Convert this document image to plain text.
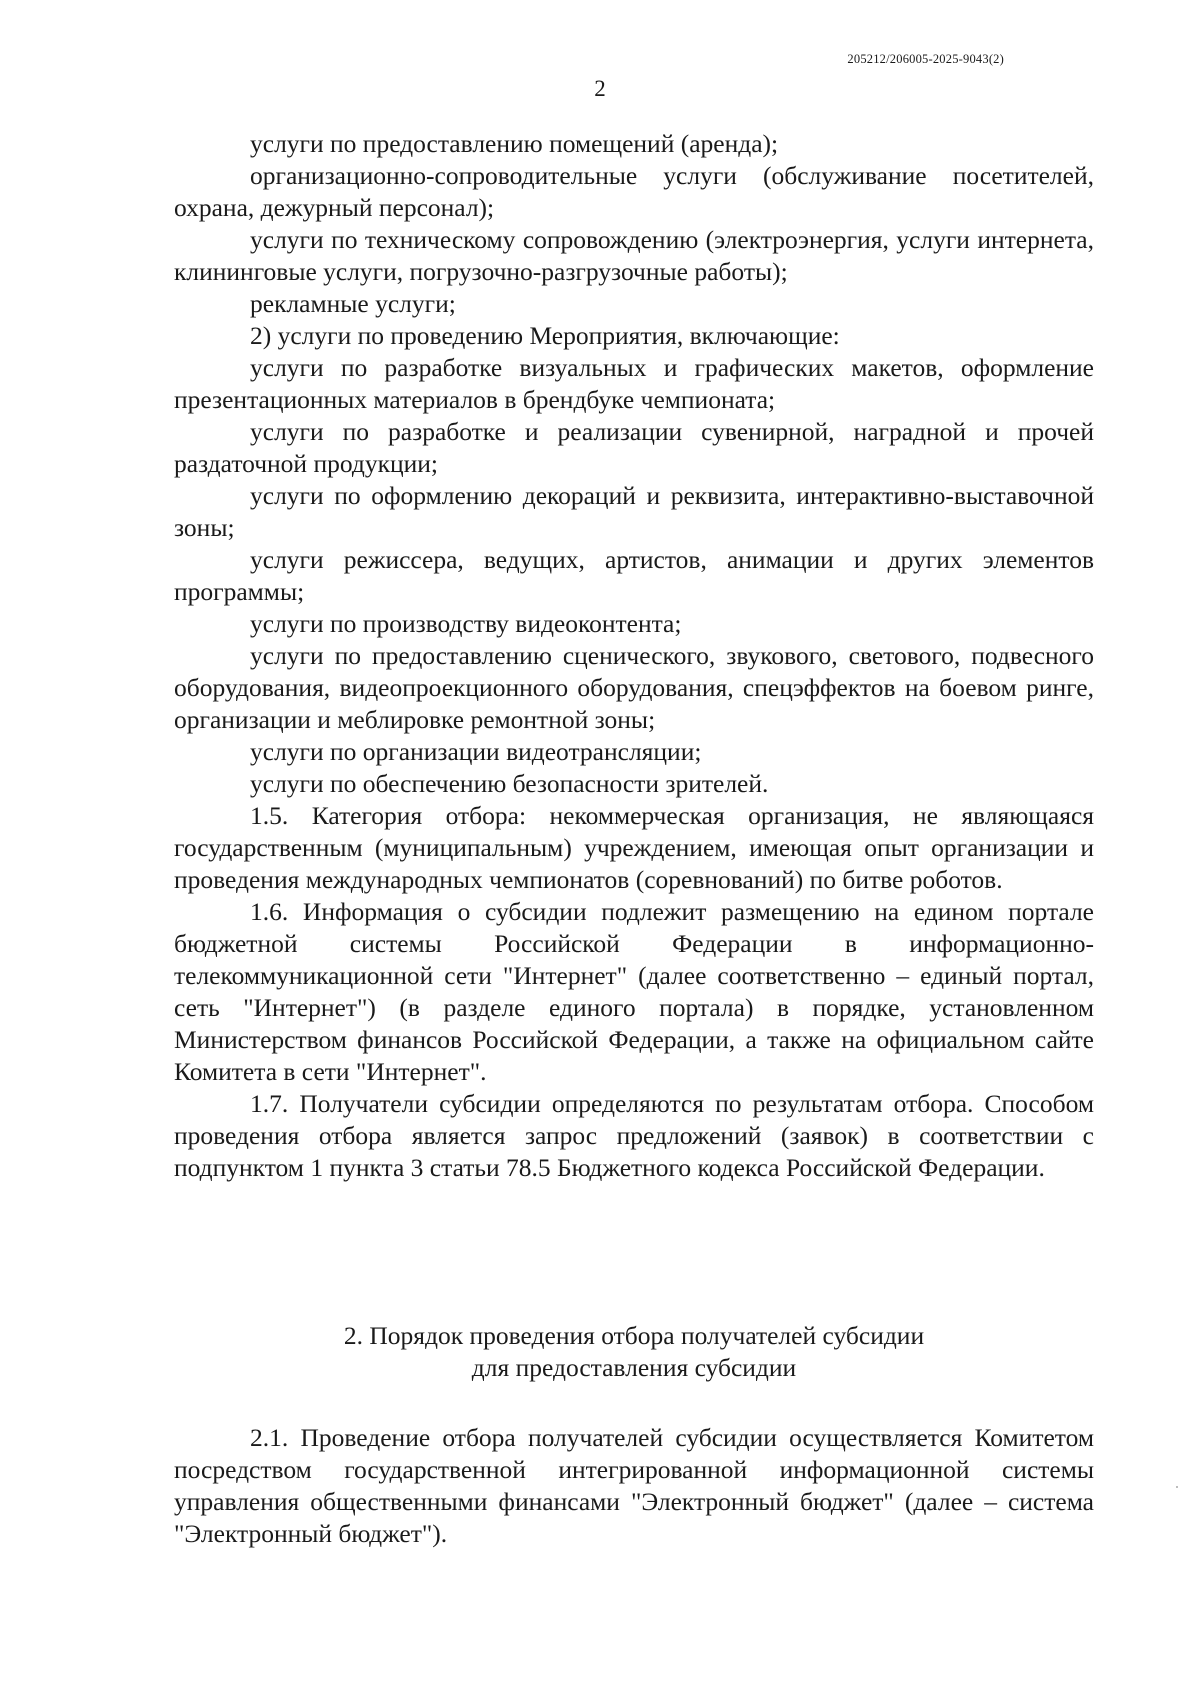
205212/206005-2025-9043(2)
2

услуги по предоставлению помещений (аренда);

организационно-сопроводительные услуги (обслуживание посетителей, охрана, дежурный персонал);

услуги по техническому сопровождению (электроэнергия, услуги интернета, клининговые услуги, погрузочно-разгрузочные работы);

рекламные услуги;

2) услуги по проведению Мероприятия, включающие:

услуги по разработке визуальных и графических макетов, оформление презентационных материалов в брендбуке чемпионата;

услуги по разработке и реализации сувенирной, наградной и прочей раздаточной продукции;

услуги по оформлению декораций и реквизита, интерактивно-выставочной зоны;

услуги режиссера, ведущих, артистов, анимации и других элементов программы;

услуги по производству видеоконтента;

услуги по предоставлению сценического, звукового, светового, подвесного оборудования, видеопроекционного оборудования, спецэффектов на боевом ринге, организации и меблировке ремонтной зоны;

услуги по организации видеотрансляции;

услуги по обеспечению безопасности зрителей.

1.5. Категория отбора: некоммерческая организация, не являющаяся государственным (муниципальным) учреждением, имеющая опыт организации и проведения международных чемпионатов (соревнований) по битве роботов.

1.6. Информация о субсидии подлежит размещению на едином портале бюджетной системы Российской Федерации в информационно-телекоммуникационной сети "Интернет" (далее соответственно – единый портал, сеть "Интернет") (в разделе единого портала) в порядке, установленном Министерством финансов Российской Федерации, а также на официальном сайте Комитета в сети "Интернет".

1.7. Получатели субсидии определяются по результатам отбора. Способом проведения отбора является запрос предложений (заявок) в соответствии с подпунктом 1 пункта 3 статьи 78.5 Бюджетного кодекса Российской Федерации.

2. Порядок проведения отбора получателей субсидии
для предоставления субсидии

2.1. Проведение отбора получателей субсидии осуществляется Комитетом посредством государственной интегрированной информационной системы управления общественными финансами "Электронный бюджет" (далее – система "Электронный бюджет").
